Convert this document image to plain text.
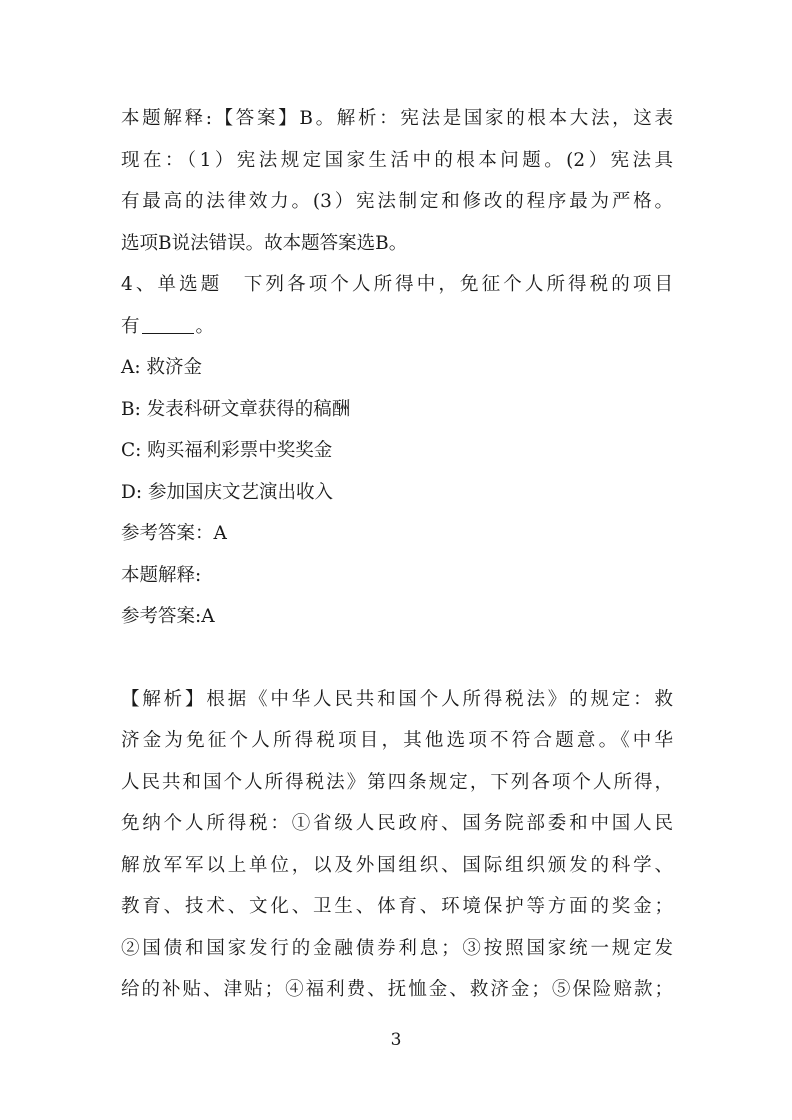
本题解释:【答案】B。解析：宪法是国家的根本大法，这表
现在：（1）宪法规定国家生活中的根本问题。(2）宪法具
有最高的法律效力。(3）宪法制定和修改的程序最为严格。
选项B说法错误。故本题答案选B。
4、单选题　下列各项个人所得中，免征个人所得税的项目
有	。
A: 救济金
B: 发表科研文章获得的稿酬
C: 购买福利彩票中奖奖金
D: 参加国庆文艺演出收入
参考答案：A
本题解释:
参考答案:A
【解析】根据《中华人民共和国个人所得税法》的规定：救
济金为免征个人所得税项目，其他选项不符合题意。《中华
人民共和国个人所得税法》第四条规定，下列各项个人所得，
免纳个人所得税：①省级人民政府、国务院部委和中国人民
解放军军以上单位，以及外国组织、国际组织颁发的科学、
教育、技术、文化、卫生、体育、环境保护等方面的奖金；
②国债和国家发行的金融债券利息；③按照国家统一规定发
给的补贴、津贴；④福利费、抚恤金、救济金；⑤保险赔款；
3
